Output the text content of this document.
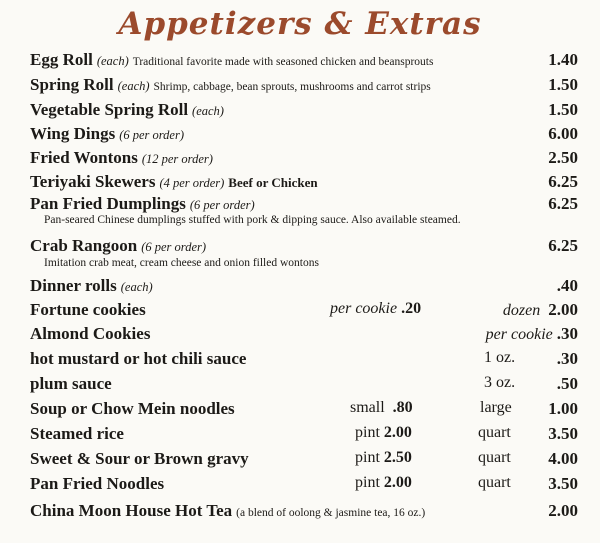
Appetizers & Extras
Egg Roll (each) Traditional favorite made with seasoned chicken and beansprouts	1.40
Spring Roll (each) Shrimp, cabbage, bean sprouts, mushrooms and carrot strips	1.50
Vegetable Spring Roll (each)	1.50
Wing Dings (6 per order)	6.00
Fried Wontons (12 per order)	2.50
Teriyaki Skewers (4 per order) Beef or Chicken	6.25
Pan Fried Dumplings (6 per order)	6.25
Pan-seared Chinese dumplings stuffed with pork & dipping sauce. Also available steamed.
Crab Rangoon (6 per order)	6.25
Imitation crab meat, cream cheese and onion filled wontons
Dinner rolls (each)	.40
Fortune cookies	per cookie .20	dozen 2.00
Almond Cookies	per cookie .30
hot mustard or hot chili sauce	1 oz. .30
plum sauce	3 oz. .50
Soup or Chow Mein noodles	small .80	large 1.00
Steamed rice	pint 2.00	quart 3.50
Sweet & Sour or Brown gravy	pint 2.50	quart 4.00
Pan Fried Noodles	pint 2.00	quart 3.50
China Moon House Hot Tea (a blend of oolong & jasmine tea, 16 oz.)	2.00
